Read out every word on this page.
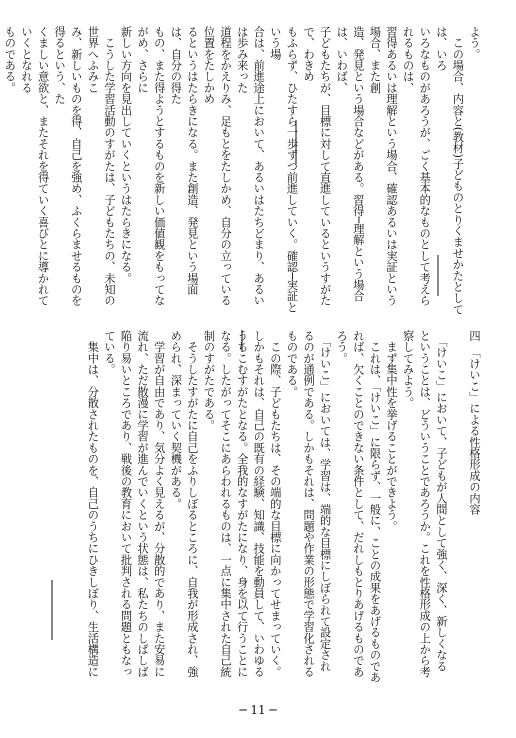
よう。
　この場合、内容と(教材)子どものとりくませかたとしては、いろ
いろなものがあろうが、ごく基本的なものとして考えられるものは、
習得あるいは理解という場合、確認あるいは実証という場合、また創
造、発見という場合などがある。習得─理解という場合は、いわば、
子どもたちが、目標に対して直進しているというすがたで、わきめ
もふらず、ひたすら一歩ずつ前進していく。確認─実証という場
合は、前進途上において、あるいはたちどまり、あるいは歩み来った
道程をかえりみ、足もとをたしかめ、自分の立っている位置をたしかめ
るというはたらきになる。また創造、発見という場面は、自分の得た
もの、また得ようとするものを新しい価値観をもってながめ、さらに
新しい方向を見出していくというはたらきになる。
　こうした学習活動のすがたは、子どもたちの、未知の世界へふみこ
み、新しいものを得、自己を強め、ふくらませるものを得るという、た
くましい意欲と、またそれを得ていく喜びとに導かれていくとなれる
ものである。
四　「けいこ」による性格形成の内容

　「けいこ」において、子どもが人間として強く、深く、新しくなる
ということは、どういうことであろうか。これを性格形成の上から考
察してみよう。
　まず集中性を挙げることができよう。
　これは、「けいこ」に限らず、一般に、ことの成果をあげるものであ
れば、欠くことのできない条件として、だれしもとりあげるものであ
ろう。
　「けいこ」においては、学習は、端的な目標にしぼられて設定され
るのが通例である。しかもそれは、問題や作業の形態で学習化される
ものである。
　この際、子どもたちは、その端的な目標に向かってせまっていく。
しかもそれは、自己の既有の経験、知識、技能を動員して、いわゆる
うちこむすがたとなる。全我的なすがたになり、身を以て行うことに
なる。したがってそこにあらわれるものは、一点に集中された自己統
制のすがたである。
　そうしたすがたに自己をふりしぼるところに、自我が形成され、強
められ、深まっていく契機がある。
　学習が自由であり、気分よく見えるが、分散的であり、また安易に
流れ、ただ散漫に学習が進んでいくという状態は、私たちのしばしば
陥り易いところであり、戦後の教育において批判される問題ともなっ
ている。
　集中は、分散されたものを、自己のうちにひきしぼり、生活構造に
─ 11 ─
